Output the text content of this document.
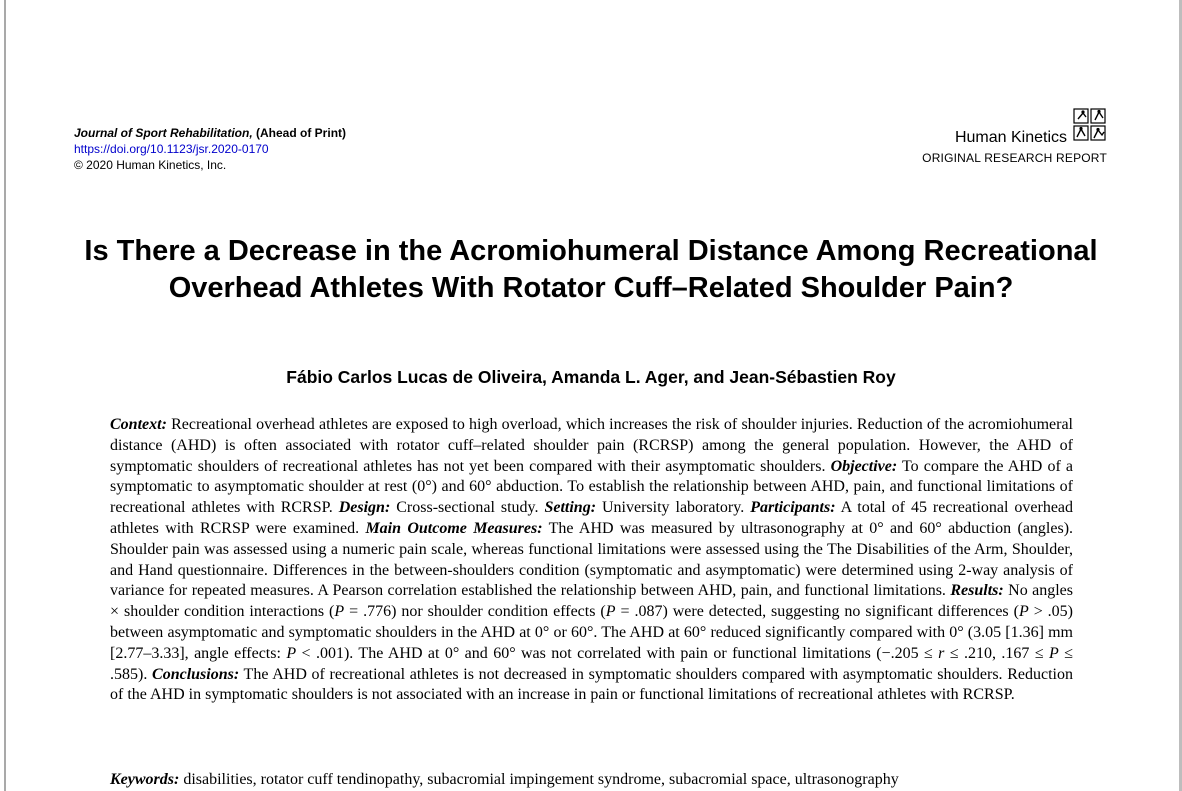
Journal of Sport Rehabilitation, (Ahead of Print)
https://doi.org/10.1123/jsr.2020-0170
© 2020 Human Kinetics, Inc.
Human Kinetics
ORIGINAL RESEARCH REPORT
Is There a Decrease in the Acromiohumeral Distance Among Recreational Overhead Athletes With Rotator Cuff–Related Shoulder Pain?
Fábio Carlos Lucas de Oliveira, Amanda L. Ager, and Jean-Sébastien Roy
Context: Recreational overhead athletes are exposed to high overload, which increases the risk of shoulder injuries. Reduction of the acromiohumeral distance (AHD) is often associated with rotator cuff–related shoulder pain (RCRSP) among the general population. However, the AHD of symptomatic shoulders of recreational athletes has not yet been compared with their asymptomatic shoulders. Objective: To compare the AHD of a symptomatic to asymptomatic shoulder at rest (0°) and 60° abduction. To establish the relationship between AHD, pain, and functional limitations of recreational athletes with RCRSP. Design: Cross-sectional study. Setting: University laboratory. Participants: A total of 45 recreational overhead athletes with RCRSP were examined. Main Outcome Measures: The AHD was measured by ultrasonography at 0° and 60° abduction (angles). Shoulder pain was assessed using a numeric pain scale, whereas functional limitations were assessed using the The Disabilities of the Arm, Shoulder, and Hand questionnaire. Differences in the between-shoulders condition (symptomatic and asymptomatic) were determined using 2-way analysis of variance for repeated measures. A Pearson correlation established the relationship between AHD, pain, and functional limitations. Results: No angles × shoulder condition interactions (P = .776) nor shoulder condition effects (P = .087) were detected, suggesting no significant differences (P > .05) between asymptomatic and symptomatic shoulders in the AHD at 0° or 60°. The AHD at 60° reduced significantly compared with 0° (3.05 [1.36] mm [2.77–3.33], angle effects: P < .001). The AHD at 0° and 60° was not correlated with pain or functional limitations (−.205 ≤ r ≤ .210, .167 ≤ P ≤ .585). Conclusions: The AHD of recreational athletes is not decreased in symptomatic shoulders compared with asymptomatic shoulders. Reduction of the AHD in symptomatic shoulders is not associated with an increase in pain or functional limitations of recreational athletes with RCRSP.
Keywords: disabilities, rotator cuff tendinopathy, subacromial impingement syndrome, subacromial space, ultrasonography
